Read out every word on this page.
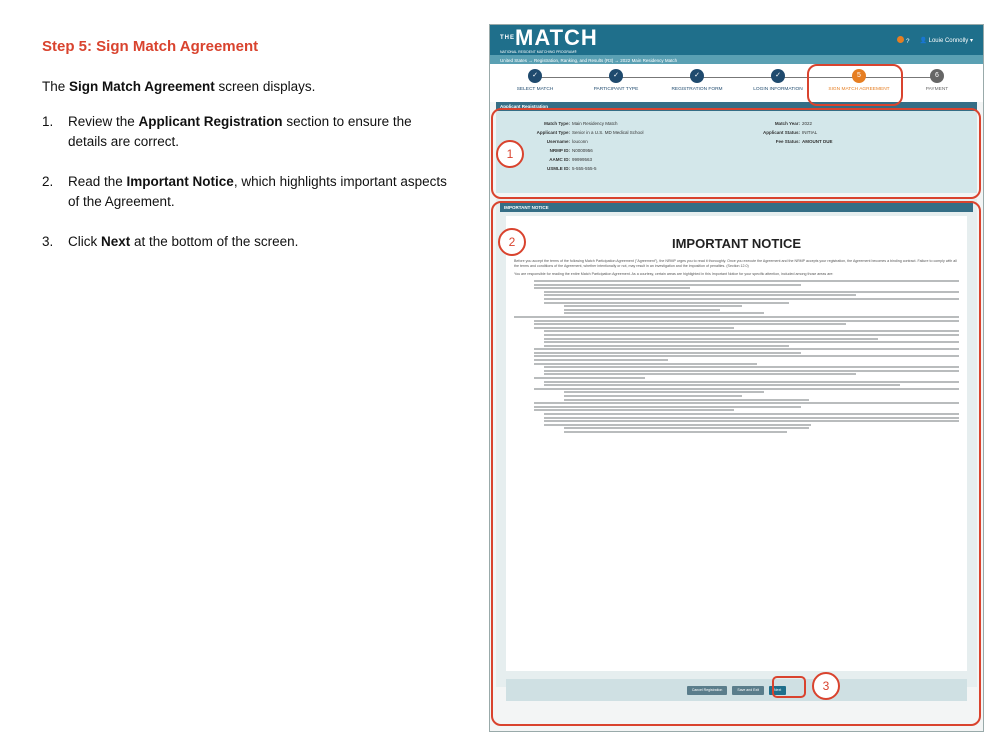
Step 5: Sign Match Agreement

The Sign Match Agreement screen displays.

1.	Review the Applicant Registration section to ensure the details are correct.
2.	Read the Important Notice, which highlights important aspects of the Agreement.
3.	Click Next at the bottom of the screen.
$^{THE}$MATCH
NATIONAL RESIDENT MATCHING PROGRAM®
? 👤 Louie Connolly ▾
United States → Registration, Ranking, and Results (R3) → 2022 Main Residency Match
✓
SELECT MATCH
✓
PARTICIPANT TYPE
✓
REGISTRATION FORM
✓
LOGIN INFORMATION
5
SIGN MATCH AGREEMENT
6
PAYMENT
Applicant Registration
Match Type: Main Residency Match
Applicant Type: Senior in a U.S. MD Medical School
Username: louconn
NRMP ID: N0000956
AAMC ID: 99999563
USMLE ID: 5-555-555-5
Match Year: 2022
Applicant Status: INITIAL
Fee Status: AMOUNT DUE
IMPORTANT NOTICE
IMPORTANT NOTICE

Before you accept the terms of the following Match Participation Agreement ("Agreement"), the NRMP urges you to read it thoroughly. Once you execute the Agreement and the NRMP accepts your registration, the Agreement becomes a binding contract. Failure to comply with all the terms and conditions of the Agreement, whether intentionally or not, may result in an investigation and the imposition of penalties. (Section 12.0)

You are responsible for reading the entire Match Participation Agreement. As a courtesy, certain areas are highlighted in this Important Notice for your specific attention, included among those areas are:

Cancel Registration	Save and Exit	Next
1
2
3
